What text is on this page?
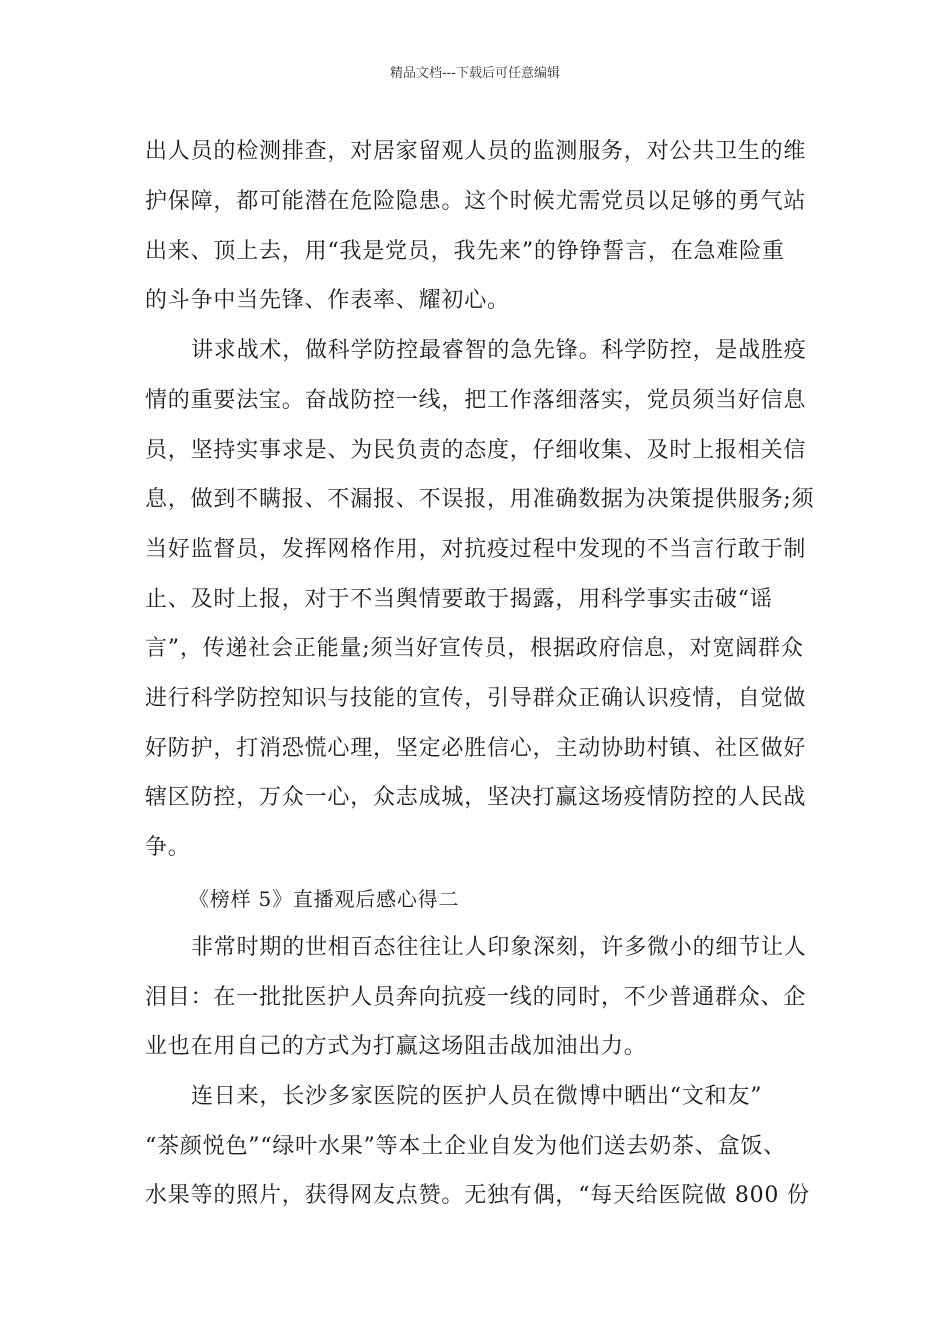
精品文档---下载后可任意编辑
出人员的检测排查，对居家留观人员的监测服务，对公共卫生的维
护保障，都可能潜在危险隐患。这个时候尤需党员以足够的勇气站
出来、顶上去，用“我是党员，我先来”的铮铮誓言，在急难险重
的斗争中当先锋、作表率、耀初心。
讲求战术，做科学防控最睿智的急先锋。科学防控，是战胜疫
情的重要法宝。奋战防控一线，把工作落细落实，党员须当好信息
员，坚持实事求是、为民负责的态度，仔细收集、及时上报相关信
息，做到不瞒报、不漏报、不误报，用准确数据为决策提供服务;须
当好监督员，发挥网格作用，对抗疫过程中发现的不当言行敢于制
止、及时上报，对于不当舆情要敢于揭露，用科学事实击破“谣
言”，传递社会正能量;须当好宣传员，根据政府信息，对宽阔群众
进行科学防控知识与技能的宣传，引导群众正确认识疫情，自觉做
好防护，打消恐慌心理，坚定必胜信心，主动协助村镇、社区做好
辖区防控，万众一心，众志成城，坚决打赢这场疫情防控的人民战
争。
《榜样 5》直播观后感心得二
非常时期的世相百态往往让人印象深刻，许多微小的细节让人
泪目：在一批批医护人员奔向抗疫一线的同时，不少普通群众、企
业也在用自己的方式为打赢这场阻击战加油出力。
连日来，长沙多家医院的医护人员在微博中晒出“文和友”
“茶颜悦色”“绿叶水果”等本土企业自发为他们送去奶茶、盒饭、
水果等的照片，获得网友点赞。无独有偶，“每天给医院做 800 份
